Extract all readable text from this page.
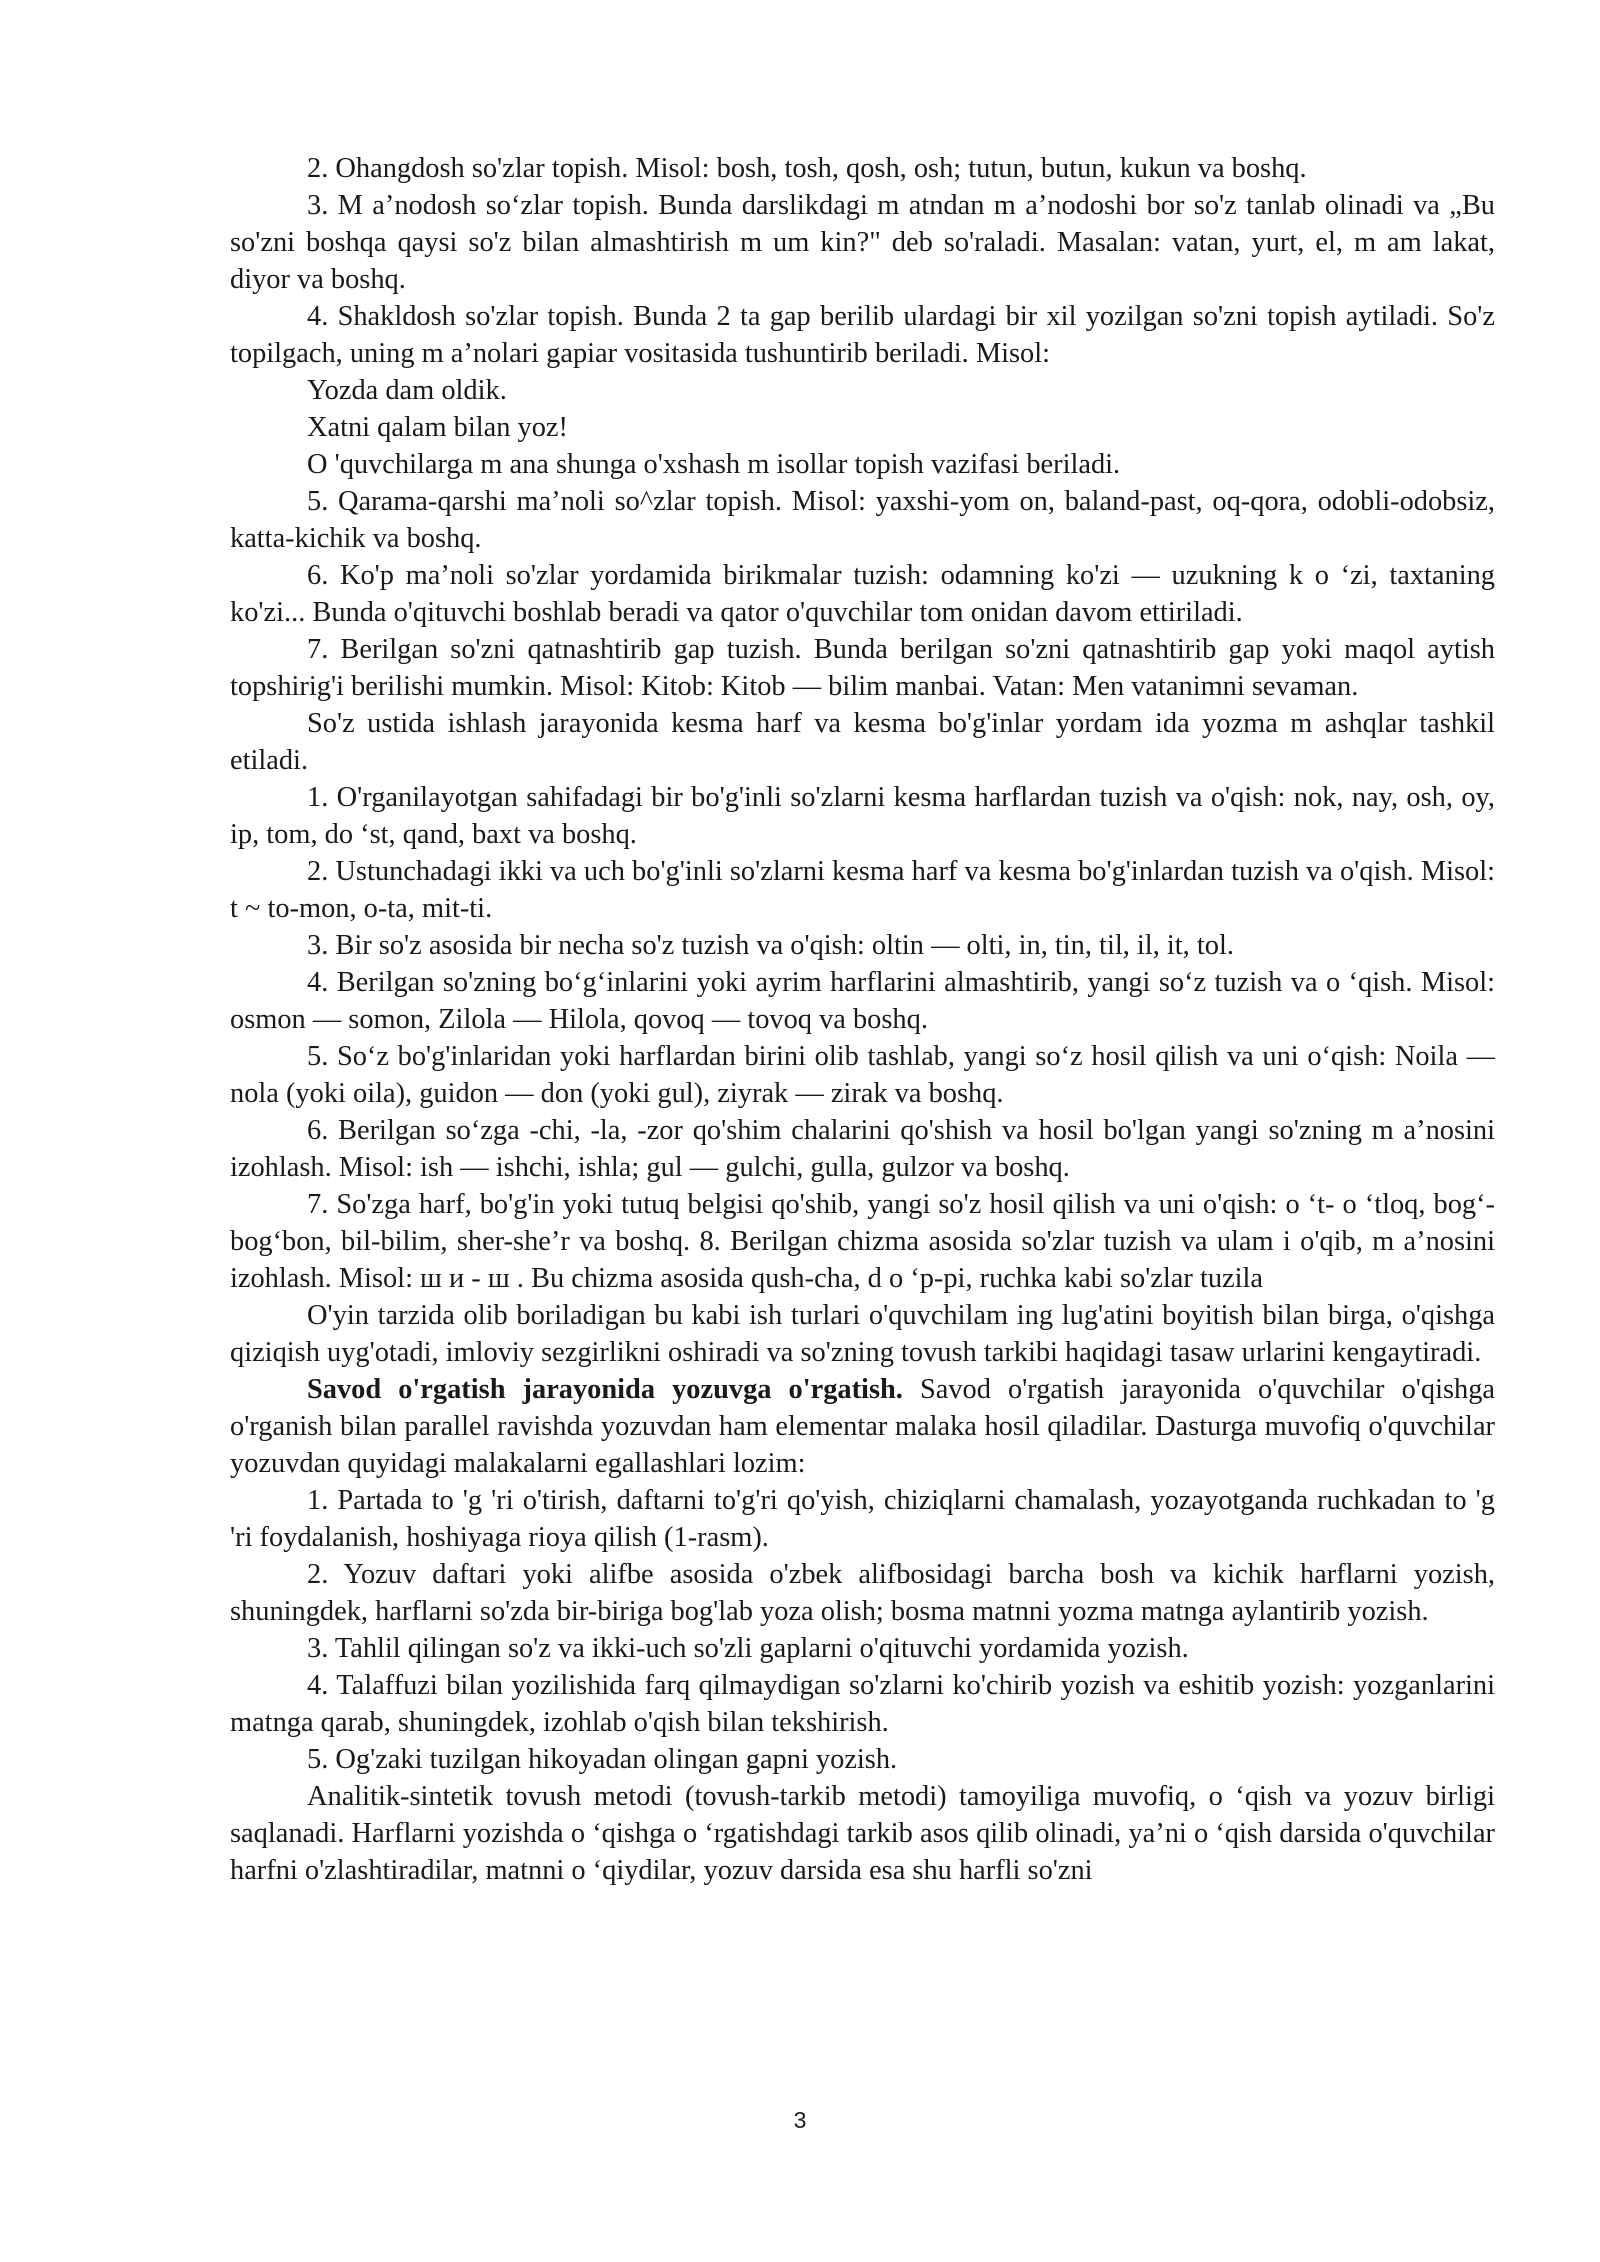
2. Ohangdosh so'zlar topish. Misol: bosh, tosh, qosh, osh; tutun, butun, kukun va boshq.

3. M a’nodosh so‘zlar topish. Bunda darslikdagi m atndan m a’nodoshi bor so'z tanlab olinadi va „Bu so'zni boshqa qaysi so'z bilan almashtirish m um kin?" deb so'raladi. Masalan: vatan, yurt, el, m am lakat, diyor va boshq.

4. Shakldosh so'zlar topish. Bunda 2 ta gap berilib ulardagi bir xil yozilgan so'zni topish aytiladi. So'z topilgach, uning m a’nolari gapiar vositasida tushuntirib beriladi. Misol:

Yozda dam oldik.

Xatni qalam bilan yoz!

O 'quvchilarga m ana shunga o'xshash m isollar topish vazifasi beriladi.

5. Qarama-qarshi ma’noli so^zlar topish. Misol: yaxshi-yom on, baland-past, oq-qora, odobli-odobsiz, katta-kichik va boshq.

6. Ko'p ma’noli so'zlar yordamida birikmalar tuzish: odamning ko'zi — uzukning k o ‘zi, taxtaning ko'zi... Bunda o'qituvchi boshlab beradi va qator o'quvchilar tom onidan davom ettiriladi.

7. Berilgan so'zni qatnashtirib gap tuzish. Bunda berilgan so'zni qatnashtirib gap yoki maqol aytish topshirig'i berilishi mumkin. Misol: Kitob: Kitob — bilim manbai. Vatan: Men vatanimni sevaman.

So'z ustida ishlash jarayonida kesma harf va kesma bo'g'inlar yordam ida yozma m ashqlar tashkil etiladi.

1. O'rganilayotgan sahifadagi bir bo'g'inli so'zlarni kesma harflardan tuzish va o'qish: nok, nay, osh, oy, ip, tom, do ‘st, qand, baxt va boshq.

2. Ustunchadagi ikki va uch bo'g'inli so'zlarni kesma harf va kesma bo'g'inlardan tuzish va o'qish. Misol: t ~ to-mon, o-ta, mit-ti.

3. Bir so'z asosida bir necha so'z tuzish va o'qish: oltin — olti, in, tin, til, il, it, tol.

4. Berilgan so'zning bo‘g‘inlarini yoki ayrim harflarini almashtirib, yangi so‘z tuzish va o ‘qish. Misol: osmon — somon, Zilola — Hilola, qovoq — tovoq va boshq.

5. So‘z bo'g'inlaridan yoki harflardan birini olib tashlab, yangi so‘z hosil qilish va uni o‘qish: Noila — nola (yoki oila), guidon — don (yoki gul), ziyrak — zirak va boshq.

6. Berilgan so‘zga -chi, -la, -zor qo'shim chalarini qo'shish va hosil bo'lgan yangi so'zning m a’nosini izohlash. Misol: ish — ishchi, ishla; gul — gulchi, gulla, gulzor va boshq.

7. So'zga harf, bo'g'in yoki tutuq belgisi qo'shib, yangi so'z hosil qilish va uni o'qish: o ‘t- o ‘tloq, bog‘-bog‘bon, bil-bilim, sher-she’r va boshq. 8. Berilgan chizma asosida so'zlar tuzish va ulam i o'qib, m a’nosini izohlash. Misol: ш и - ш . Bu chizma asosida qush-cha, d o ‘p-pi, ruchka kabi so'zlar tuzila

O'yin tarzida olib boriladigan bu kabi ish turlari o'quvchilam ing lug'atini boyitish bilan birga, o'qishga qiziqish uyg'otadi, imloviy sezgirlikni oshiradi va so'zning tovush tarkibi haqidagi tasaw urlarini kengaytiradi.

Savod o'rgatish jarayonida yozuvga o'rgatish. Savod o'rgatish jarayonida o'quvchilar o'qishga o'rganish bilan parallel ravishda yozuvdan ham elementar malaka hosil qiladilar. Dasturga muvofiq o'quvchilar yozuvdan quyidagi malakalarni egallashlari lozim:

1. Partada to 'g 'ri o'tirish, daftarni to'g'ri qo'yish, chiziqlarni chamalash, yozayotganda ruchkadan to 'g 'ri foydalanish, hoshiyaga rioya qilish (1-rasm).

2. Yozuv daftari yoki alifbe asosida o'zbek alifbosidagi barcha bosh va kichik harflarni yozish, shuningdek, harflarni so'zda bir-biriga bog'lab yoza olish; bosma matnni yozma matnga aylantirib yozish.

3. Tahlil qilingan so'z va ikki-uch so'zli gaplarni o'qituvchi yordamida yozish.

4. Talaffuzi bilan yozilishida farq qilmaydigan so'zlarni ko'chirib yozish va eshitib yozish: yozganlarini matnga qarab, shuningdek, izohlab o'qish bilan tekshirish.

5. Og'zaki tuzilgan hikoyadan olingan gapni yozish.

Analitik-sintetik tovush metodi (tovush-tarkib metodi) tamoyiliga muvofiq, o ‘qish va yozuv birligi saqlanadi. Harflarni yozishda o ‘qishga o ‘rgatishdagi tarkib asos qilib olinadi, ya’ni o ‘qish darsida o'quvchilar harfni o'zlashtiradilar, matnni o ‘qiydilar, yozuv darsida esa shu harfli so'zni

3
